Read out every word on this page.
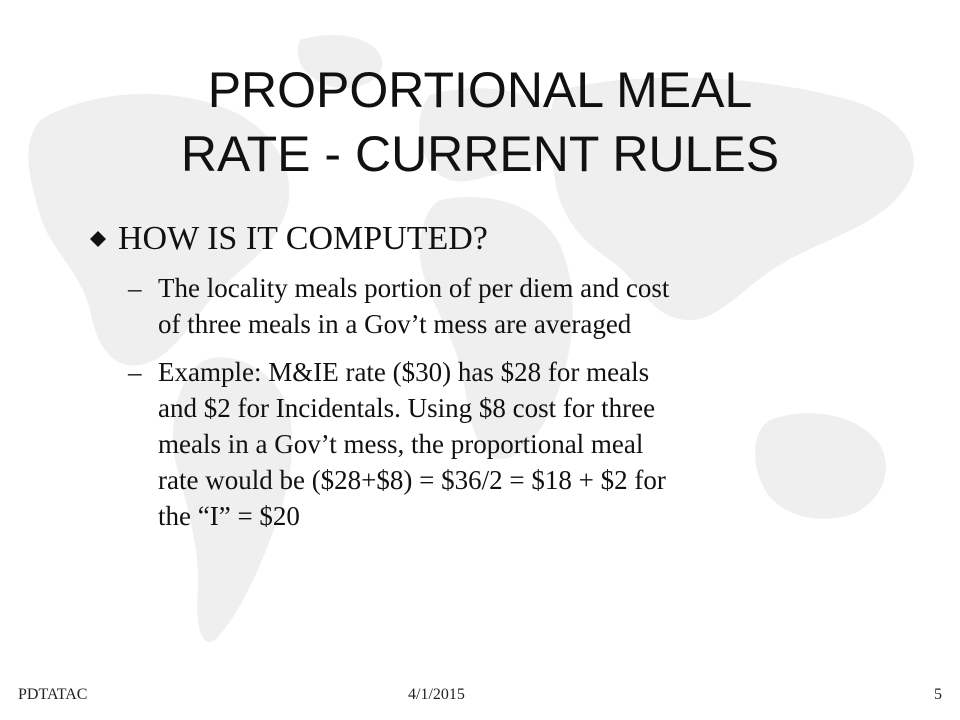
PROPORTIONAL MEAL
RATE - CURRENT RULES
HOW IS IT COMPUTED?
– The locality meals portion of per diem and cost
of three meals in a Gov’t mess are averaged
– Example: M&IE rate ($30) has $28 for meals
and $2 for Incidentals. Using $8 cost for three
meals in a Gov’t mess, the proportional meal
rate would be ($28+$8) = $36/2 = $18 + $2 for
the “I” = $20
PDTATAC	4/1/2015	5
